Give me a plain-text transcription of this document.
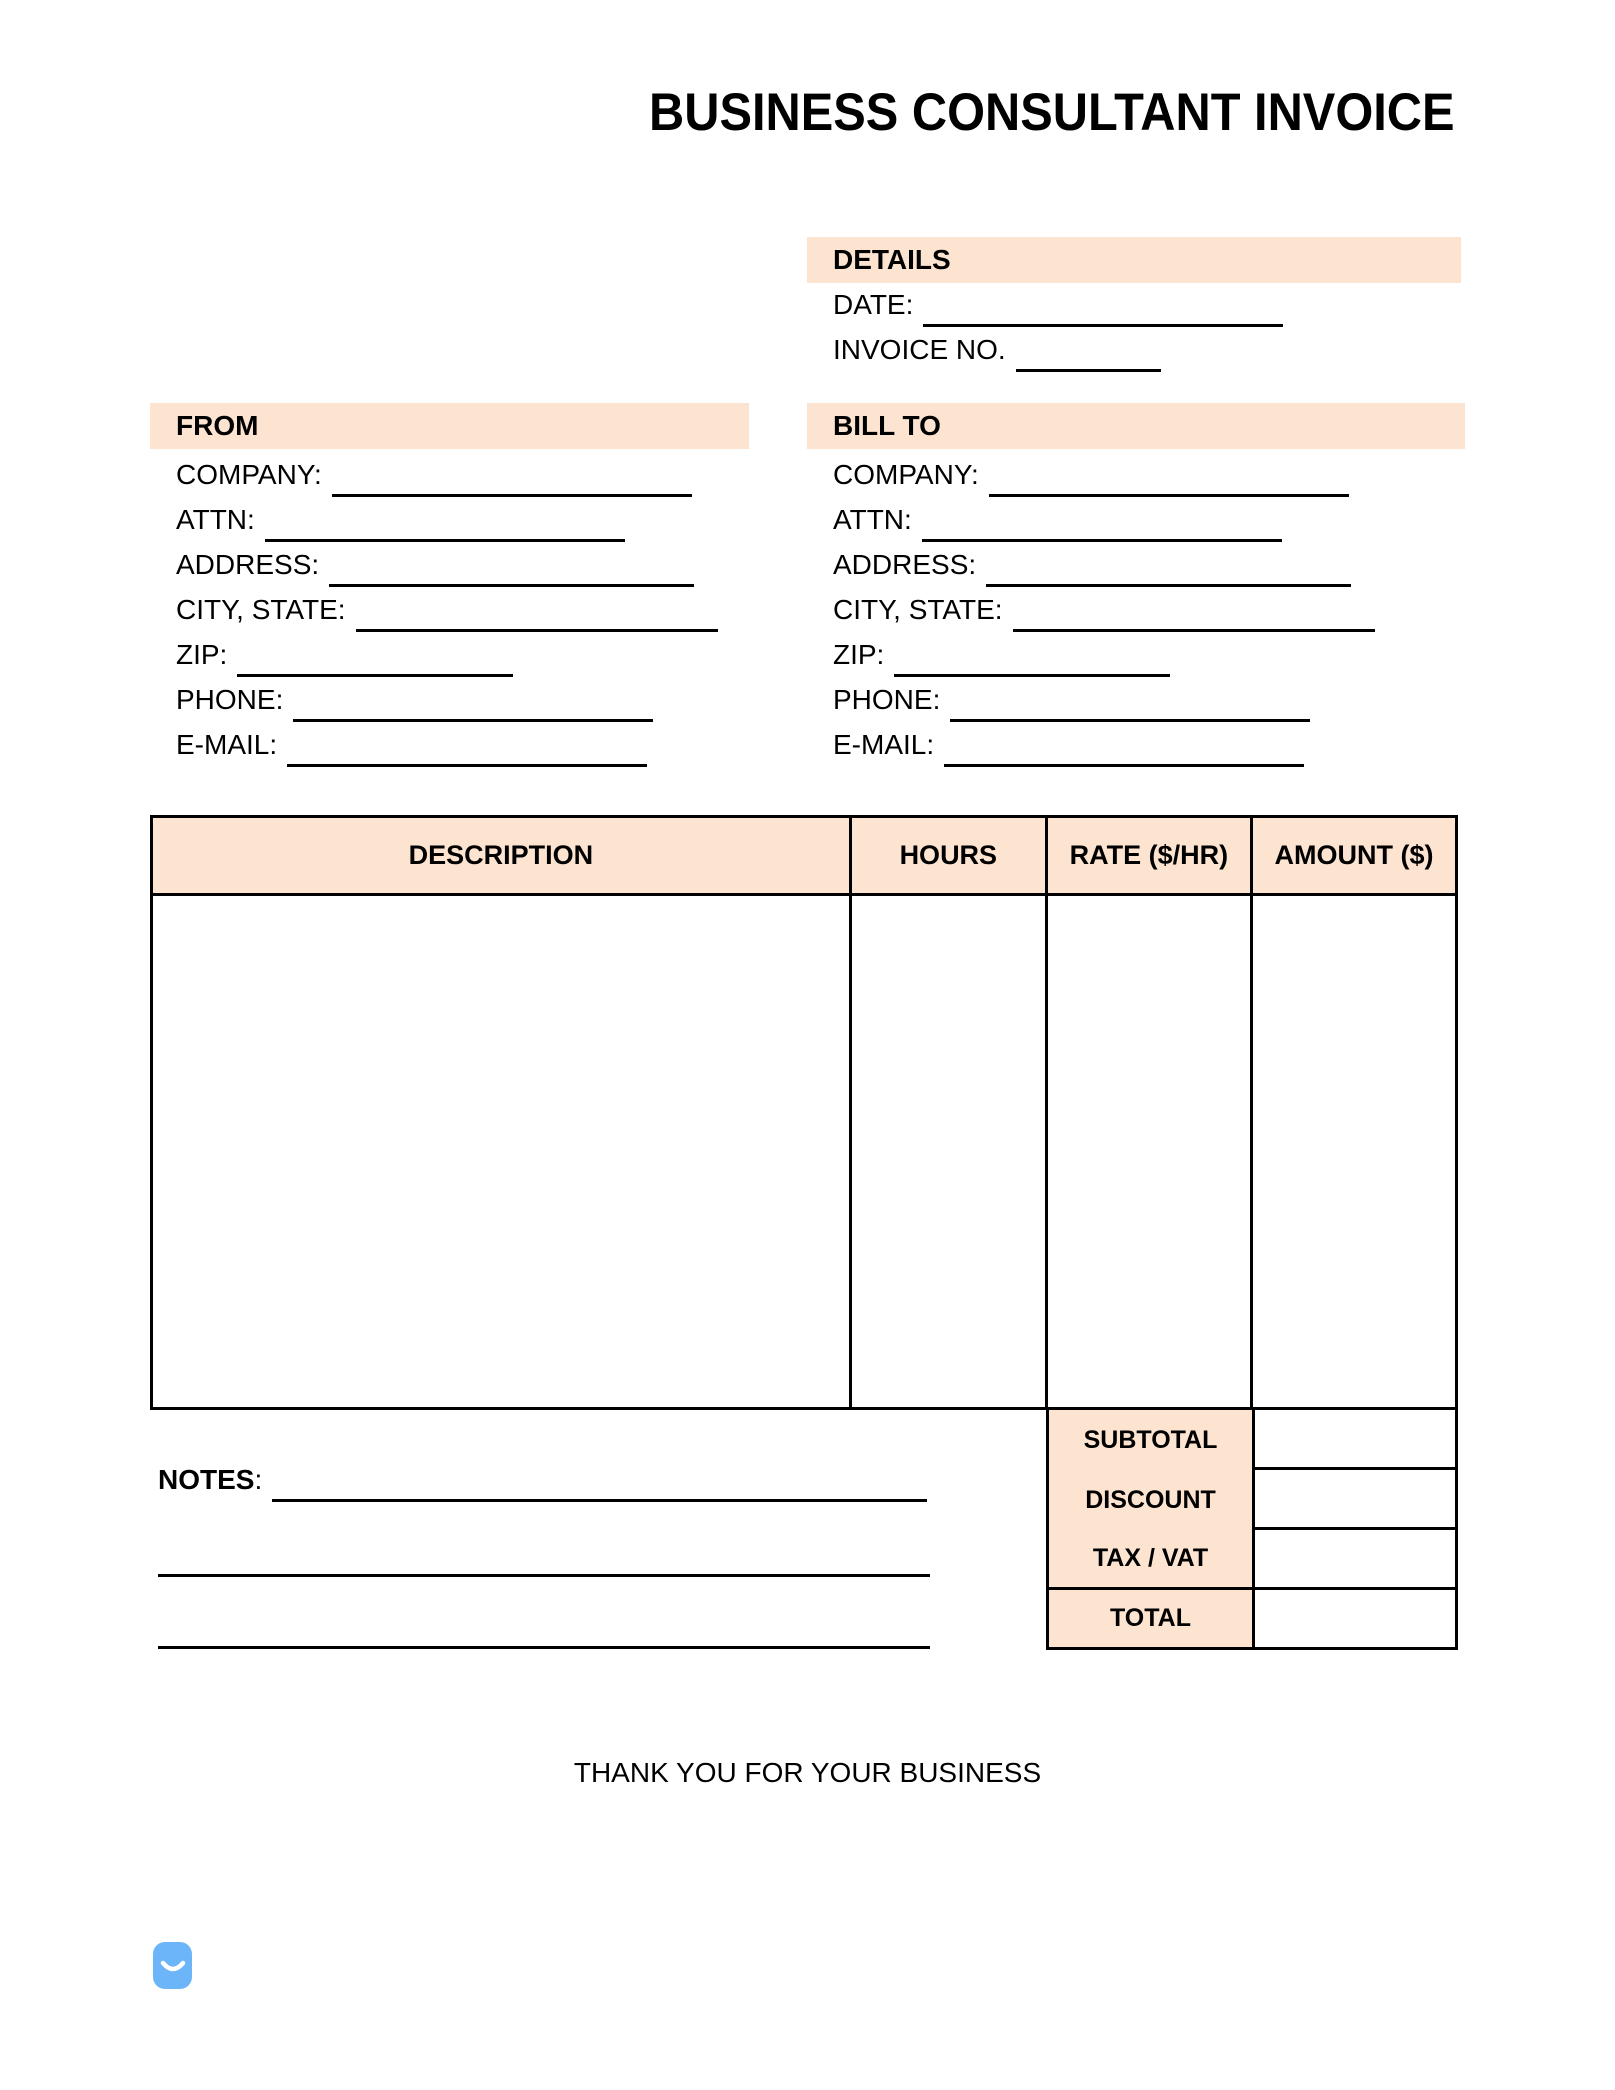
BUSINESS CONSULTANT INVOICE
DETAILS
DATE:
INVOICE NO.
FROM
COMPANY:
ATTN:
ADDRESS:
CITY, STATE:
ZIP:
PHONE:
E-MAIL:
BILL TO
COMPANY:
ATTN:
ADDRESS:
CITY, STATE:
ZIP:
PHONE:
E-MAIL:
DESCRIPTION	HOURS	RATE ($/HR)	AMOUNT ($)
SUBTOTAL
DISCOUNT
TAX / VAT
TOTAL
NOTES:
THANK YOU FOR YOUR BUSINESS
